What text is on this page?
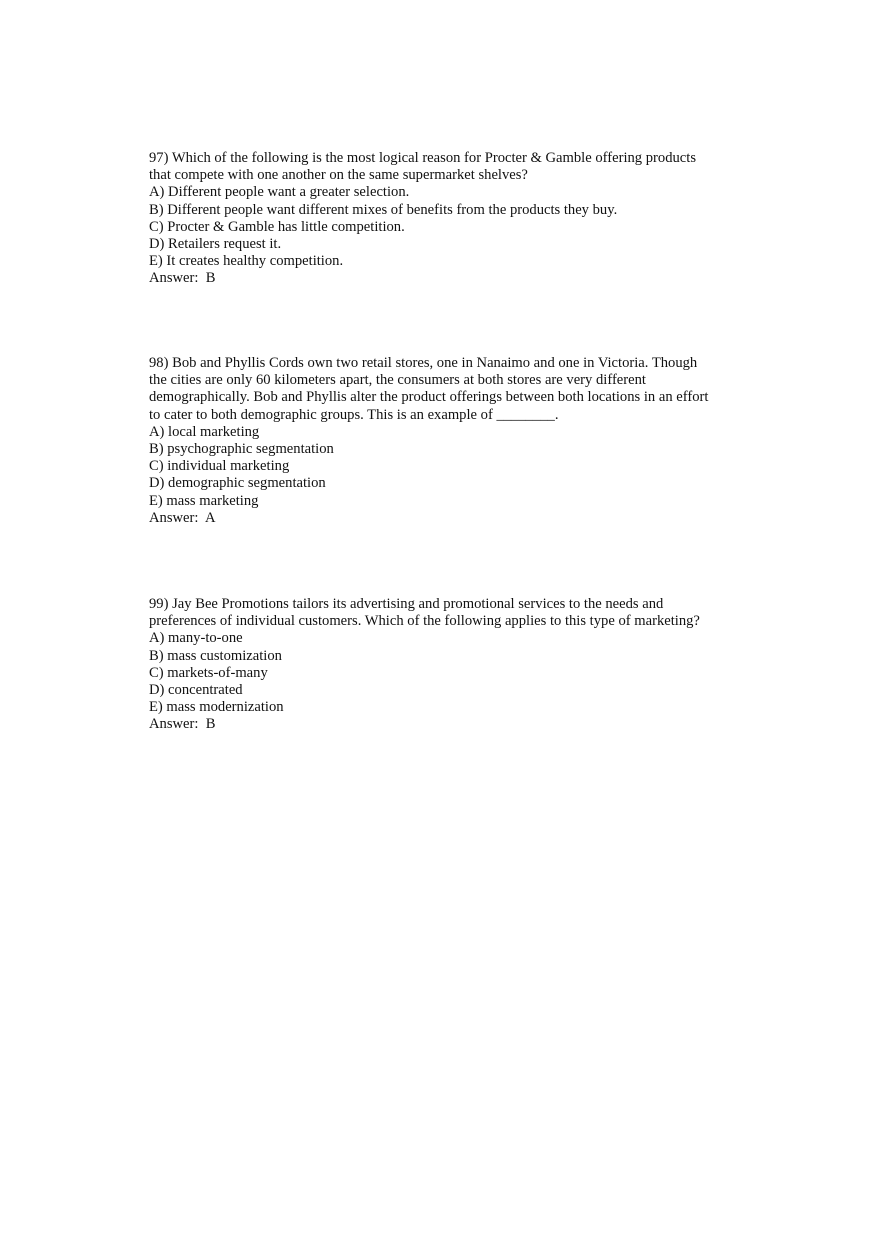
97) Which of the following is the most logical reason for Procter & Gamble offering products
that compete with one another on the same supermarket shelves?
A) Different people want a greater selection.
B) Different people want different mixes of benefits from the products they buy.
C) Procter & Gamble has little competition.
D) Retailers request it.
E) It creates healthy competition.
Answer:  B
98) Bob and Phyllis Cords own two retail stores, one in Nanaimo and one in Victoria. Though
the cities are only 60 kilometers apart, the consumers at both stores are very different
demographically. Bob and Phyllis alter the product offerings between both locations in an effort
to cater to both demographic groups. This is an example of ________.
A) local marketing
B) psychographic segmentation
C) individual marketing
D) demographic segmentation
E) mass marketing
Answer:  A
99) Jay Bee Promotions tailors its advertising and promotional services to the needs and
preferences of individual customers. Which of the following applies to this type of marketing?
A) many-to-one
B) mass customization
C) markets-of-many
D) concentrated
E) mass modernization
Answer:  B
